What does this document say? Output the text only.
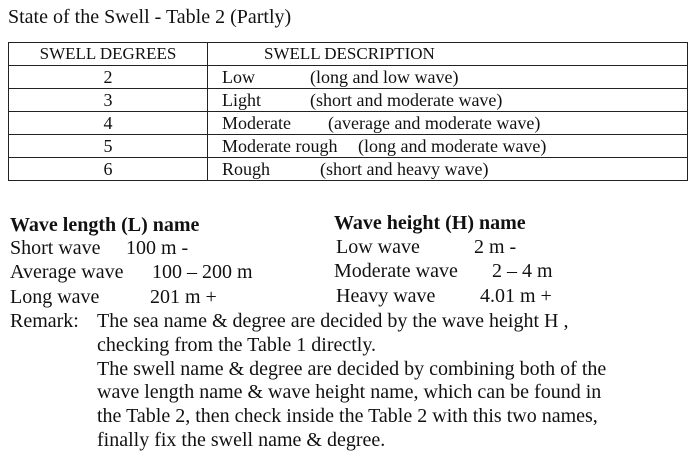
State of the Swell - Table 2 (Partly)
SWELL DEGREES	SWELL DESCRIPTION
2	Low (long and low wave)
3	Light (short and moderate wave)
4	Moderate (average and moderate wave)
5	Moderate rough (long and moderate wave)
6	Rough (short and heavy wave)
Wave length (L) name
Short wave 100 m -
Average wave 100 – 200 m
Long wave	201 m +
Wave height (H) name
Low wave	2 m -
Moderate wave 2 – 4 m
Heavy wave 4.01 m +
Remark: The sea name & degree are decided by the wave height H ,
checking from the Table 1 directly.
The swell name & degree are decided by combining both of the
wave length name & wave height name, which can be found in
the Table 2, then check inside the Table 2 with this two names,
finally fix the swell name & degree.
